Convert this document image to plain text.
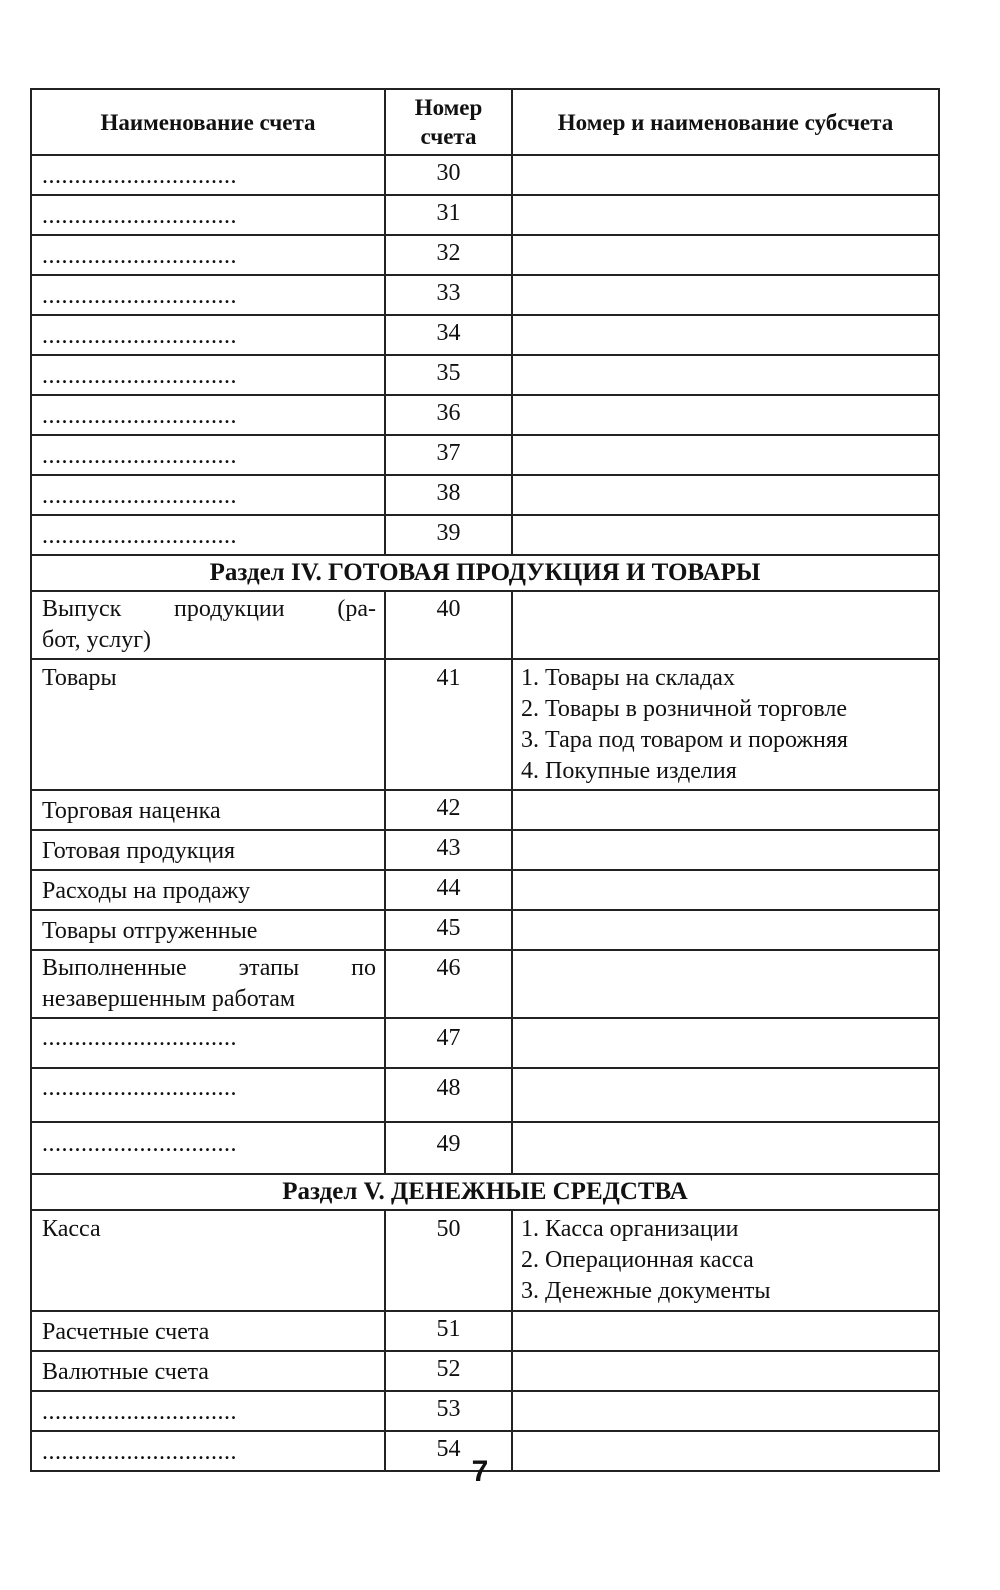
Наименование счета	Номер счета	Номер и наименование субсчета
..............................	30	
..............................	31	
..............................	32	
..............................	33	
..............................	34	
..............................	35	
..............................	36	
..............................	37	
..............................	38	
..............................	39	
Раздел IV. ГОТОВАЯ ПРОДУКЦИЯ И ТОВАРЫ		
Выпуск продукции (ра-
бот, услуг)	40	
Товары	41	1. Товары на складах
2. Товары в розничной торговле
3. Тара под товаром и порожняя
4. Покупные изделия

Торговая наценка	42	
Готовая продукция	43	
Расходы на продажу	44	
Товары отгруженные	45	
Выполненные этапы по
незавершенным работам	46	
..............................	47	
..............................	48	
..............................	49	
Раздел V. ДЕНЕЖНЫЕ СРЕДСТВА		
Касса	50	1. Касса организации
2. Операционная касса
3. Денежные документы

Расчетные счета	51	
Валютные счета	52	
..............................	53	
..............................	54	
7
